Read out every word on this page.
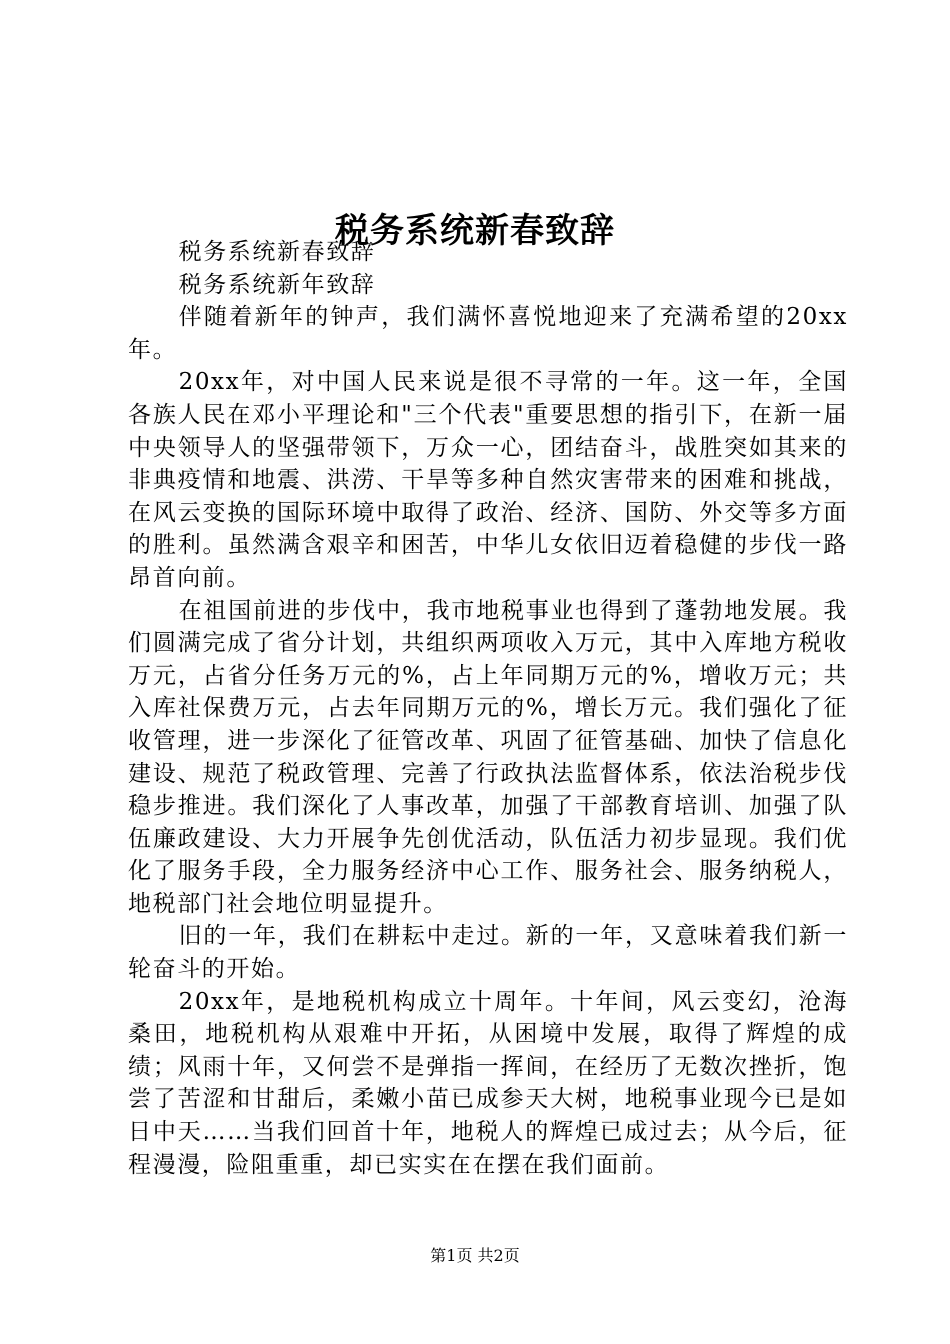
税务系统新春致辞

税务系统新春致辞

税务系统新年致辞

伴随着新年的钟声，我们满怀喜悦地迎来了充满希望的20xx年。

20xx年，对中国人民来说是很不寻常的一年。这一年，全国各族人民在邓小平理论和"三个代表"重要思想的指引下，在新一届中央领导人的坚强带领下，万众一心，团结奋斗，战胜突如其来的非典疫情和地震、洪涝、干旱等多种自然灾害带来的困难和挑战，在风云变换的国际环境中取得了政治、经济、国防、外交等多方面的胜利。虽然满含艰辛和困苦，中华儿女依旧迈着稳健的步伐一路昂首向前。

在祖国前进的步伐中，我市地税事业也得到了蓬勃地发展。我们圆满完成了省分计划，共组织两项收入万元，其中入库地方税收万元，占省分任务万元的%，占上年同期万元的%，增收万元；共入库社保费万元，占去年同期万元的%，增长万元。我们强化了征收管理，进一步深化了征管改革、巩固了征管基础、加快了信息化建设、规范了税政管理、完善了行政执法监督体系，依法治税步伐稳步推进。我们深化了人事改革，加强了干部教育培训、加强了队伍廉政建设、大力开展争先创优活动，队伍活力初步显现。我们优化了服务手段，全力服务经济中心工作、服务社会、服务纳税人，地税部门社会地位明显提升。

旧的一年，我们在耕耘中走过。新的一年，又意味着我们新一轮奋斗的开始。

20xx年，是地税机构成立十周年。十年间，风云变幻，沧海桑田，地税机构从艰难中开拓，从困境中发展，取得了辉煌的成绩；风雨十年，又何尝不是弹指一挥间，在经历了无数次挫折，饱尝了苦涩和甘甜后，柔嫩小苗已成参天大树，地税事业现今已是如日中天……当我们回首十年，地税人的辉煌已成过去；从今后，征程漫漫，险阻重重，却已实实在在摆在我们面前。

第1页 共2页
